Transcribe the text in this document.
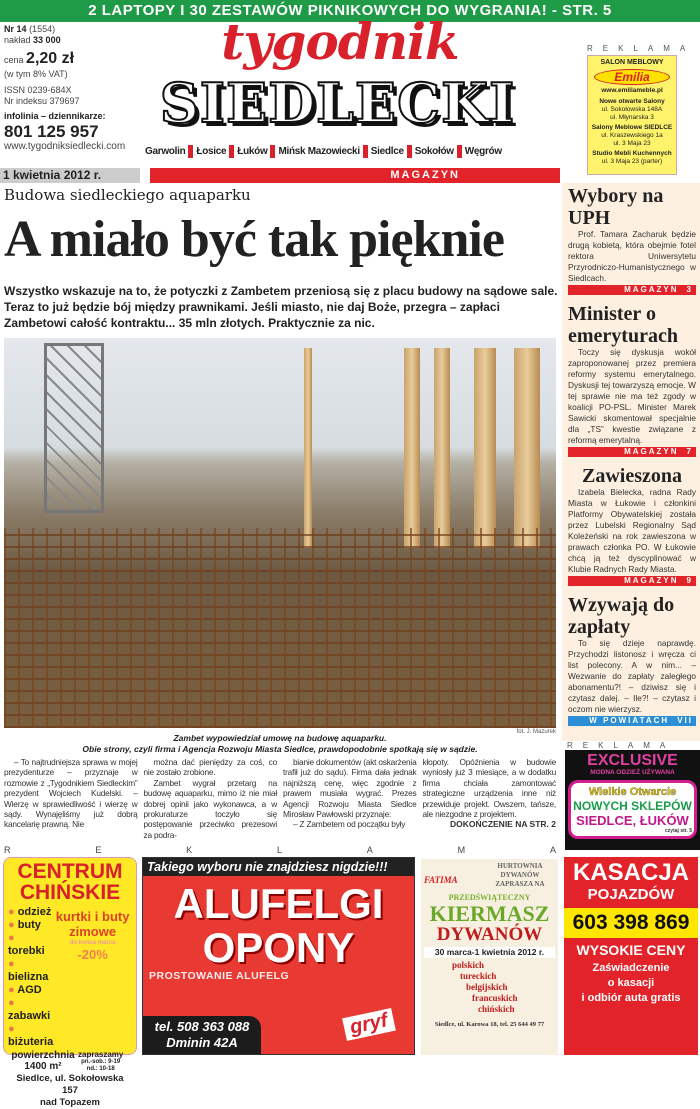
2 LAPTOPY I 30 ZESTAWÓW PIKNIKOWYCH DO WYGRANIA! - STR. 5
Nr 14 (1554)
nakład 33 000
cena 2,20 zł
(w tym 8% VAT)
ISSN 0239-684X
Nr indeksu 379697
infolinia – dziennikarze:
801 125 957
www.tygodniksiedlecki.com
tygodnik
SIEDLECKI
Garwolin	Łosice	Łuków	Mińsk Mazowiecki	Siedlce	Sokołów	Węgrów
REKLAMA
SALON MEBLOWY
Emilia
www.emiliameble.pl
Nowe otwarte Salony
ul. Sokołowska 148A
ul. Młynarska 3
Salony Meblowe SIEDLCE
ul. Kraszewskiego 1a
ul. 3 Maja 23
Studio Mebli Kuchennych
ul. 3 Maja 23 (parter)
1 kwietnia 2012 r.	MAGAZYN
Budowa siedleckiego aquaparku
A miało być tak pięknie
Wszystko wskazuje na to, że potyczki z Zambetem przeniosą się z placu budowy na sądowe sale. Teraz to już będzie bój między prawnikami. Jeśli miasto, nie daj Boże, przegra – zapłaci Zambetowi całość kontraktu... 35 mln złotych. Praktycznie za nic.
fot. J. Mazurek
Zambet wypowiedział umowę na budowę aquaparku.
Obie strony, czyli firma i Agencja Rozwoju Miasta Siedlce, prawdopodobnie spotkają się w sądzie.

– To najtrudniejsza sprawa w mojej prezydenturze – przyznaje w rozmowie z „Tygodnikiem Siedleckim” prezydent Wojciech Kudelski. – Wierzę w sprawiedliwość i wierzę w sądy. Wynajęliśmy już dobrą kancelarię prawną. Nie

można dać pieniędzy za coś, co nie zostało zrobione.

Zambet wygrał przetarg na budowę aquaparku, mimo iż nie miał dobrej opinii jako wykonawca, a w prokuraturze toczyło się postępowanie przeciwko prezesowi za podra-

bianie dokumentów (akt oskarżenia trafił już do sądu). Firma dała jednak najniższą cenę, więc zgodnie z prawem musiała wygrać. Prezes Agencji Rozwoju Miasta Siedlce Mirosław Pawłowski przyznaje:

– Z Zambetem od początku były

kłopoty. Opóźnienia w budowie wyniosły już 3 miesiące, a w dodatku firma chciała zamontować strategiczne urządzenia inne niż przewiduje projekt. Owszem, tańsze, ale niezgodne z projektem.

DOKOŃCZENIE NA STR. 2
R	E	K	L	A	M	A
Wybory na UPH

Prof. Tamara Zacharuk będzie drugą kobietą, która obejmie fotel rektora Uniwersytetu Przyrodniczo-Humanistycznego w Siedlcach.

MAGAZYN 3
Minister o emeryturach

Toczy się dyskusja wokół zaproponowanej przez premiera reformy systemu emerytalnego. Dyskusji tej towarzyszą emocje. W tej sprawie nie ma też zgody w koalicji PO-PSL. Minister Marek Sawicki skomentował specjalnie dla „TS” kwestie związane z reformą emerytalną.

MAGAZYN 7
Zawieszona

Izabela Bielecka, radna Rady Miasta w Łukowie i członkini Platformy Obywatelskiej została przez Lubelski Regionalny Sąd Koleżeński na rok zawieszona w prawach członka PO. W Łukowie chcą ją też dyscyplinować w Klubie Radnych Rady Miasta.

MAGAZYN 9
Wzywają do zapłaty

To się dzieje naprawdę. Przychodzi listonosz i wręcza ci list polecony. A w nim... – Wezwanie do zapłaty zaległego abonamentu?! – dziwisz się i czytasz dalej. – Ile?! – czytasz i oczom nie wierzysz.

W POWIATACH VII
REKLAMA
EXCLUSIVE
MODNA ODZIEŻ UŻYWANA
Wielkie Otwarcie
NOWYCH SKLEPÓW
SIEDLCE, ŁUKÓW
czytaj str. 5
CENTRUM CHIŃSKIE
● odzież
● buty
● torebki
● bielizna
● AGD
● zabawki
● biżuteria
kurtki i buty zimowe
do końca marca
-20%
powierzchnia
1400 m²
zapraszamy
pn.-sob.: 9-19
nd.: 10-18
Siedlce, ul. Sokołowska 157
nad Topazem
Takiego wyboru nie znajdziesz nigdzie!!!
ALUFELGI
OPONY
PROSTOWANIE ALUFELG
tel. 508 363 088
Dminin 42A
gryf
FATIMA
HURTOWNIA DYWANÓW ZAPRASZA NA
PRZEDŚWIĄTECZNY
KIERMASZ
DYWANÓW
30 marca-1 kwietnia 2012 r.
polskich
tureckich
belgijskich
francuskich
chińskich
Siedlce, ul. Karowa 18, tel. 25 644 49 77
KASACJA
POJAZDÓW
603 398 869
WYSOKIE CENY
Zaświadczenie
o kasacji
i odbiór auta gratis
